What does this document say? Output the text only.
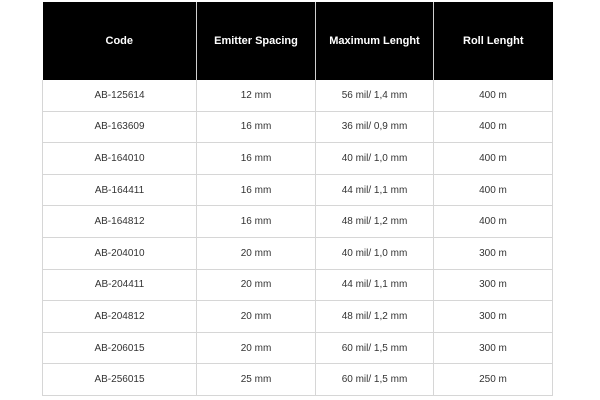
Code	Emitter Spacing	Maximum Lenght	Roll Lenght
AB-125614	12 mm	56 mil/ 1,4 mm	400 m
AB-163609	16 mm	36 mil/ 0,9 mm	400 m
AB-164010	16 mm	40 mil/ 1,0 mm	400 m
AB-164411	16 mm	44 mil/ 1,1 mm	400 m
AB-164812	16 mm	48 mil/ 1,2 mm	400 m
AB-204010	20 mm	40 mil/ 1,0 mm	300 m
AB-204411	20 mm	44 mil/ 1,1 mm	300 m
AB-204812	20 mm	48 mil/ 1,2 mm	300 m
AB-206015	20 mm	60 mil/ 1,5 mm	300 m
AB-256015	25 mm	60 mil/ 1,5 mm	250 m
